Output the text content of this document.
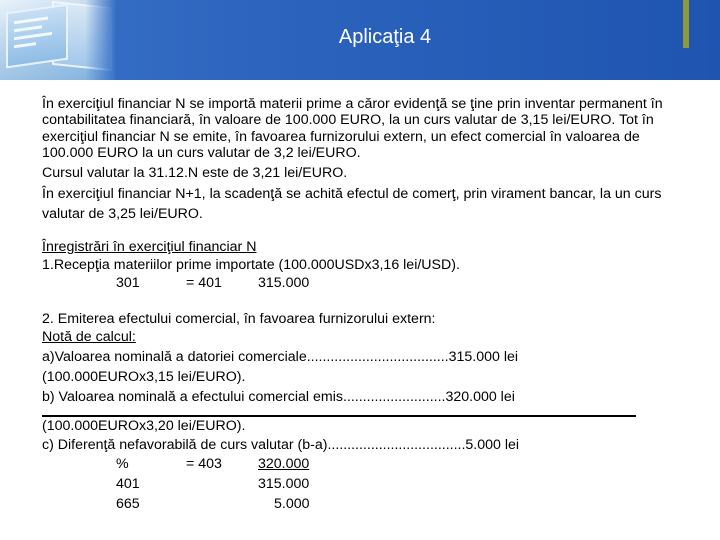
Aplicaţia 4

În exerciţiul financiar N se importă materii prime a căror evidenţă se ţine prin inventar permanent în contabilitatea financiară, în valoare de 100.000 EURO, la un curs valutar de 3,15 lei/EURO. Tot în exerciţiul financiar N se emite, în favoarea furnizorului extern, un efect comercial în valoarea de 100.000 EURO la un curs valutar de 3,2 lei/EURO.

Cursul valutar la 31.12.N este de 3,21 lei/EURO.

În exerciţiul financiar N+1, la scadenţă se achită efectul de comerţ, prin virament bancar, la un curs valutar de 3,25 lei/EURO.

Înregistrări în exerciţiul financiar N

1.Recepţia materiilor prime importate (100.000USDx3,16 lei/USD).

301	= 401	315.000

2. Emiterea efectului comercial, în favoarea furnizorului extern:

Notă de calcul:

a)Valoarea nominală a datoriei comerciale....................................315.000 lei

(100.000EUROx3,15 lei/EURO).

b) Valoarea nominală a efectului comercial emis..........................320.000 lei

(100.000EUROx3,20 lei/EURO).

c) Diferenţă nefavorabilă de curs valutar (b-a)...................................5.000 lei

%	= 403	320.000
401	315.000
665	5.000
